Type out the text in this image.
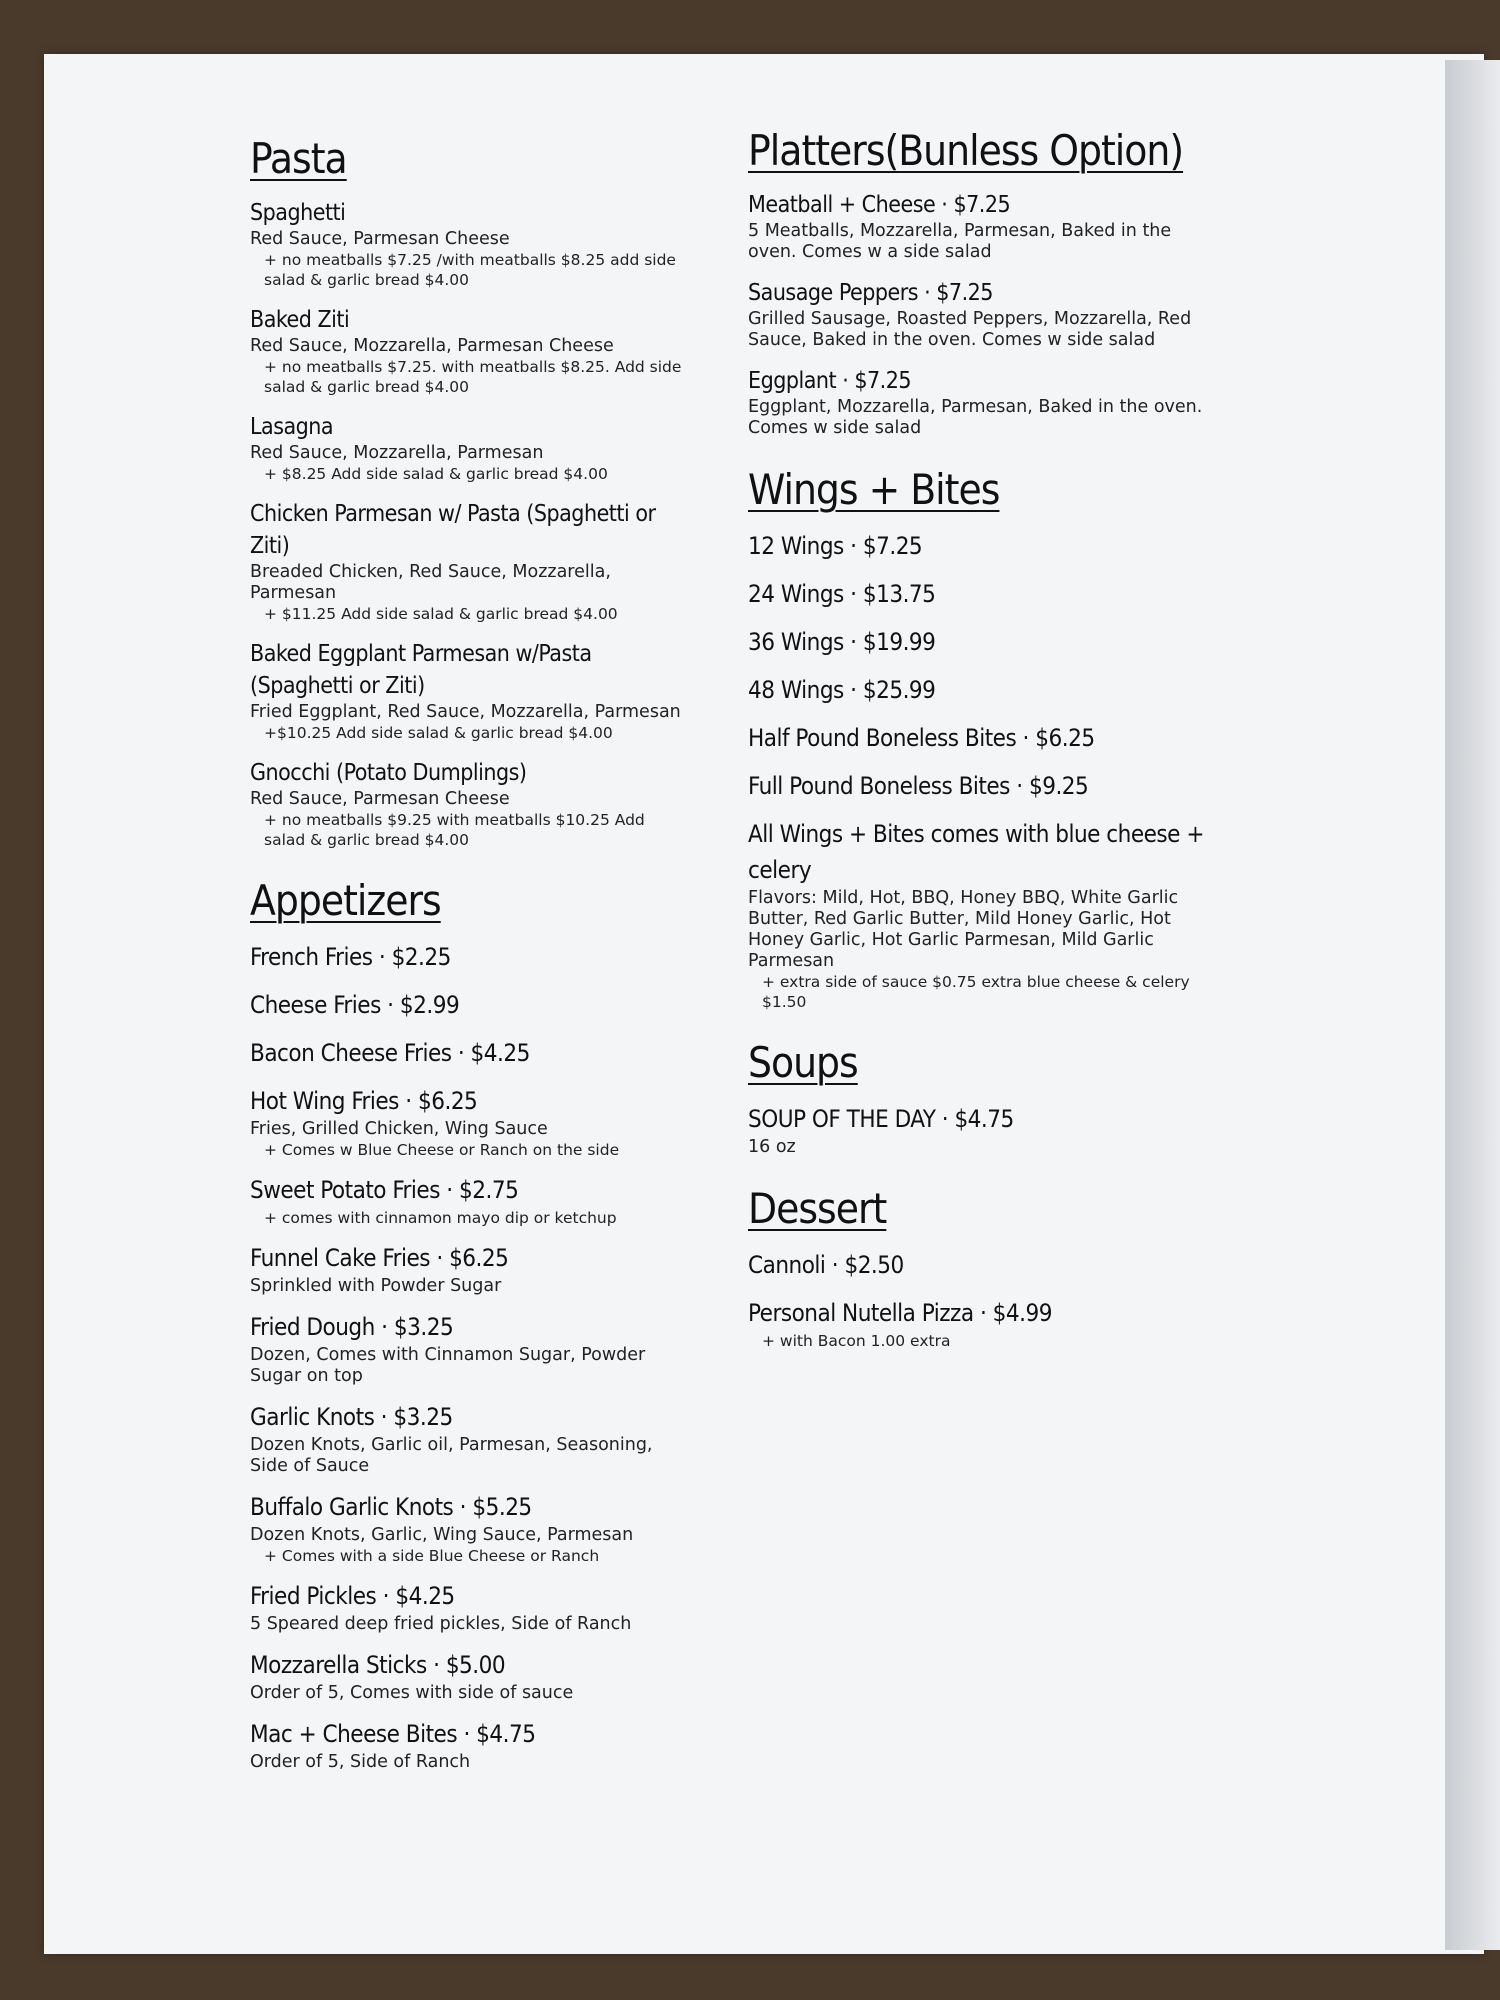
Pasta
Spaghetti
Red Sauce, Parmesan Cheese
+ no meatballs $7.25 /with meatballs $8.25 add side salad & garlic bread $4.00
Baked Ziti
Red Sauce, Mozzarella, Parmesan Cheese
+ no meatballs $7.25. with meatballs $8.25. Add side salad & garlic bread $4.00
Lasagna
Red Sauce, Mozzarella, Parmesan
+ $8.25 Add side salad & garlic bread $4.00
Chicken Parmesan w/ Pasta (Spaghetti or Ziti)
Breaded Chicken, Red Sauce, Mozzarella, Parmesan
+ $11.25 Add side salad & garlic bread $4.00
Baked Eggplant Parmesan w/Pasta (Spaghetti or Ziti)
Fried Eggplant, Red Sauce, Mozzarella, Parmesan
+$10.25 Add side salad & garlic bread $4.00
Gnocchi (Potato Dumplings)
Red Sauce, Parmesan Cheese
+ no meatballs $9.25 with meatballs $10.25 Add salad & garlic bread $4.00
Appetizers
French Fries · $2.25
Cheese Fries · $2.99
Bacon Cheese Fries · $4.25
Hot Wing Fries · $6.25
Fries, Grilled Chicken, Wing Sauce
+ Comes w Blue Cheese or Ranch on the side
Sweet Potato Fries · $2.75
+ comes with cinnamon mayo dip or ketchup
Funnel Cake Fries · $6.25
Sprinkled with Powder Sugar
Fried Dough · $3.25
Dozen, Comes with Cinnamon Sugar, Powder Sugar on top
Garlic Knots · $3.25
Dozen Knots, Garlic oil, Parmesan, Seasoning, Side of Sauce
Buffalo Garlic Knots · $5.25
Dozen Knots, Garlic, Wing Sauce, Parmesan
+ Comes with a side Blue Cheese or Ranch
Fried Pickles · $4.25
5 Speared deep fried pickles, Side of Ranch
Mozzarella Sticks · $5.00
Order of 5, Comes with side of sauce
Mac + Cheese Bites · $4.75
Order of 5, Side of Ranch
Platters(Bunless Option)
Meatball + Cheese · $7.25
5 Meatballs, Mozzarella, Parmesan, Baked in the oven. Comes w a side salad
Sausage Peppers · $7.25
Grilled Sausage, Roasted Peppers, Mozzarella, Red Sauce, Baked in the oven. Comes w side salad
Eggplant · $7.25
Eggplant, Mozzarella, Parmesan, Baked in the oven. Comes w side salad
Wings + Bites
12 Wings · $7.25
24 Wings · $13.75
36 Wings · $19.99
48 Wings · $25.99
Half Pound Boneless Bites · $6.25
Full Pound Boneless Bites · $9.25
All Wings + Bites comes with blue cheese + celery
Flavors: Mild, Hot, BBQ, Honey BBQ, White Garlic Butter, Red Garlic Butter, Mild Honey Garlic, Hot Honey Garlic, Hot Garlic Parmesan, Mild Garlic Parmesan
+ extra side of sauce $0.75 extra blue cheese & celery $1.50
Soups
SOUP OF THE DAY · $4.75
16 oz
Dessert
Cannoli · $2.50
Personal Nutella Pizza · $4.99
+ with Bacon 1.00 extra
